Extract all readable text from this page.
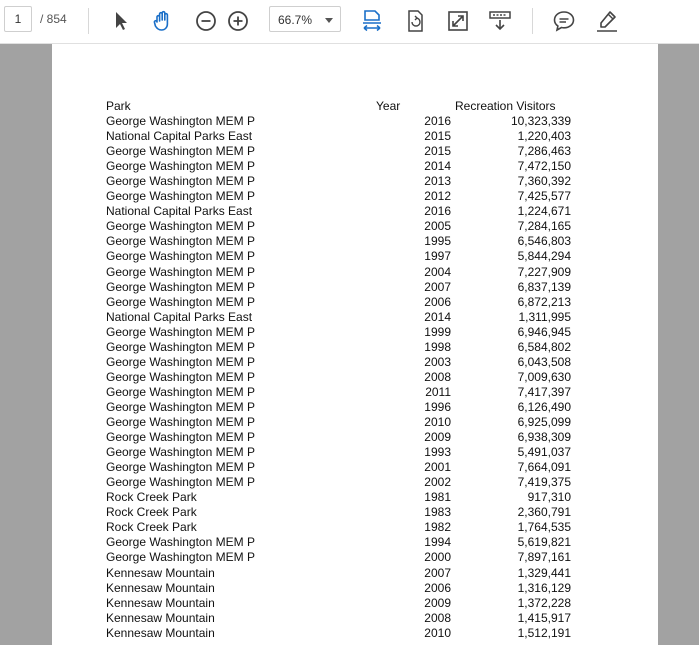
1	/ 854	66.7%
Park	Year	Recreation Visitors
George Washington MEM P	2016	10,323,339
National Capital Parks East	2015	1,220,403
George Washington MEM P	2015	7,286,463
George Washington MEM P	2014	7,472,150
George Washington MEM P	2013	7,360,392
George Washington MEM P	2012	7,425,577
National Capital Parks East	2016	1,224,671
George Washington MEM P	2005	7,284,165
George Washington MEM P	1995	6,546,803
George Washington MEM P	1997	5,844,294
George Washington MEM P	2004	7,227,909
George Washington MEM P	2007	6,837,139
George Washington MEM P	2006	6,872,213
National Capital Parks East	2014	1,311,995
George Washington MEM P	1999	6,946,945
George Washington MEM P	1998	6,584,802
George Washington MEM P	2003	6,043,508
George Washington MEM P	2008	7,009,630
George Washington MEM P	2011	7,417,397
George Washington MEM P	1996	6,126,490
George Washington MEM P	2010	6,925,099
George Washington MEM P	2009	6,938,309
George Washington MEM P	1993	5,491,037
George Washington MEM P	2001	7,664,091
George Washington MEM P	2002	7,419,375
Rock Creek Park	1981	917,310
Rock Creek Park	1983	2,360,791
Rock Creek Park	1982	1,764,535
George Washington MEM P	1994	5,619,821
George Washington MEM P	2000	7,897,161
Kennesaw Mountain	2007	1,329,441
Kennesaw Mountain	2006	1,316,129
Kennesaw Mountain	2009	1,372,228
Kennesaw Mountain	2008	1,415,917
Kennesaw Mountain	2010	1,512,191
